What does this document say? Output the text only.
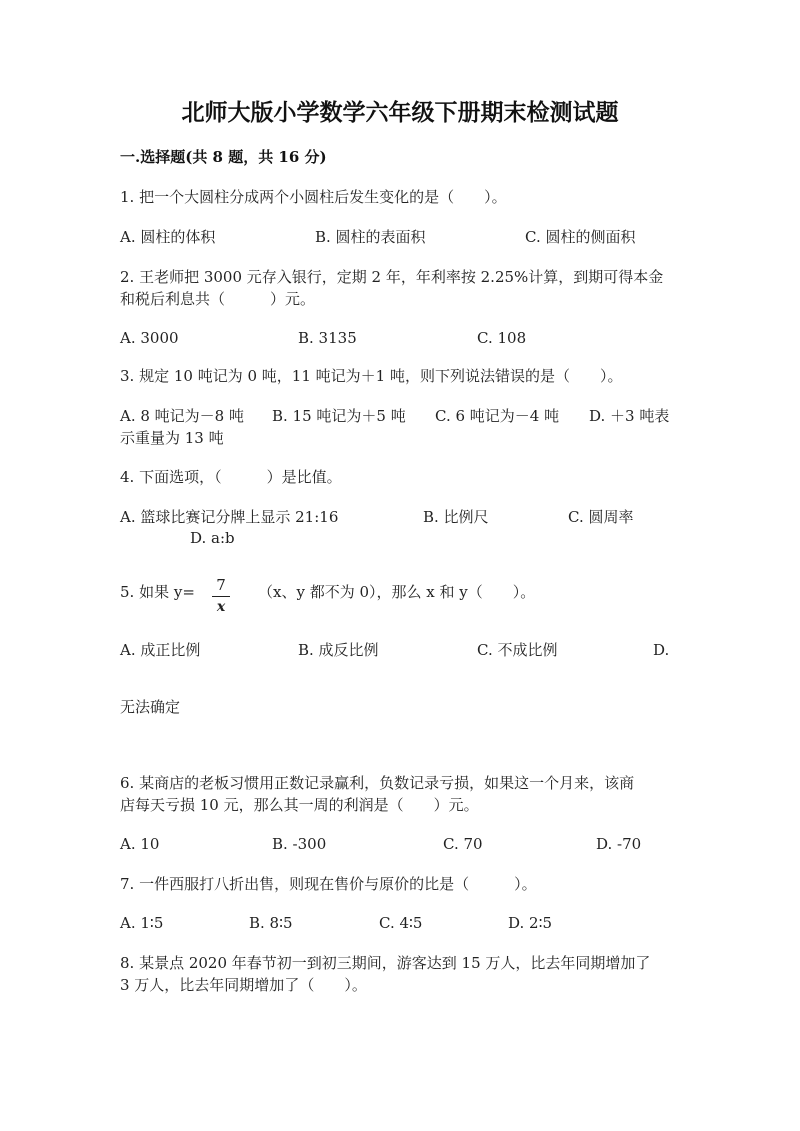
北师大版小学数学六年级下册期末检测试题
一.选择题(共 8 题，共 16 分)
1. 把一个大圆柱分成两个小圆柱后发生变化的是（　　）。
A. 圆柱的体积	B. 圆柱的表面积	C. 圆柱的侧面积
2. 王老师把 3000 元存入银行，定期 2 年，年利率按 2.25%计算，到期可得本金
和税后利息共（　　　）元。
A. 3000	B. 3135	C. 108
3. 规定 10 吨记为 0 吨，11 吨记为＋1 吨，则下列说法错误的是（　　）。
A. 8 吨记为－8 吨 B. 15 吨记为＋5 吨 C. 6 吨记为－4 吨 D. ＋3 吨表
示重量为 13 吨
4. 下面选项，（　　　）是比值。
A. 篮球比赛记分牌上显示 21:16	B. 比例尺	C. 圆周率
D. a:b
5. 如果 y=	7
x
（x、y 都不为 0），那么 x 和 y（　　）。
A. 成正比例	B. 成反比例	C. 不成比例	D.
无法确定
6. 某商店的老板习惯用正数记录赢利，负数记录亏损，如果这一个月来，该商
店每天亏损 10 元，那么其一周的利润是（　　）元。
A. 10	B. -300	C. 70	D. -70
7. 一件西服打八折出售，则现在售价与原价的比是（　　　）。
A. 1∶5	B. 8∶5	C. 4∶5	D. 2∶5
8. 某景点 2020 年春节初一到初三期间，游客达到 15 万人，比去年同期增加了
3 万人，比去年同期增加了（　　）。
